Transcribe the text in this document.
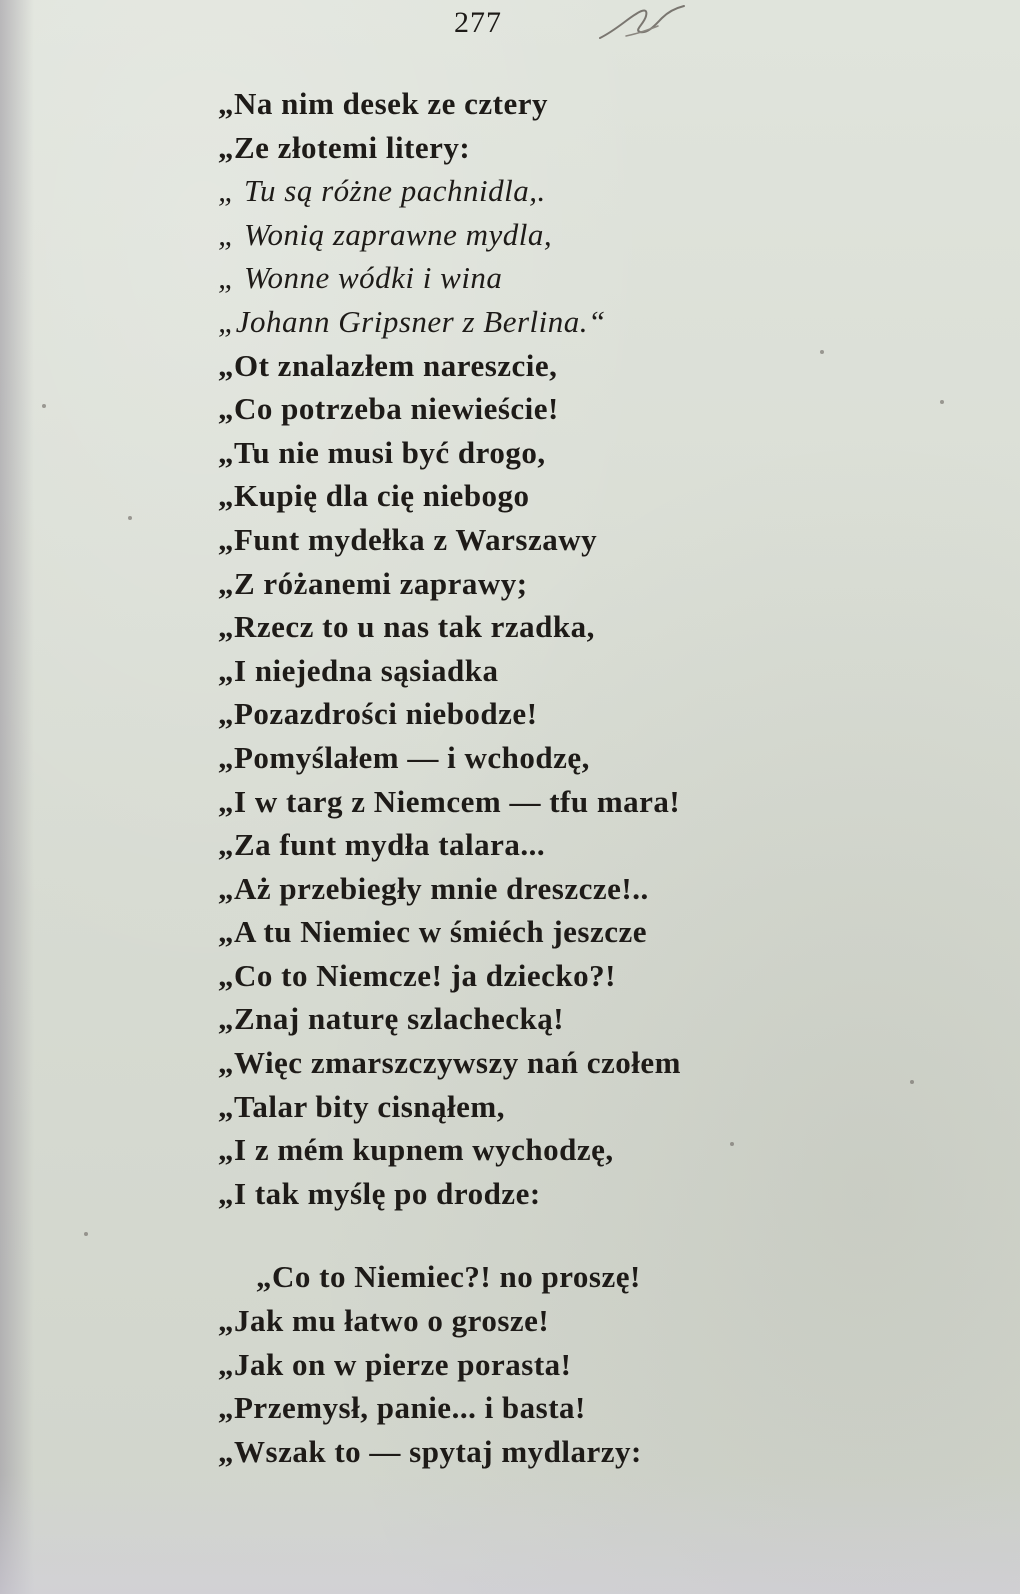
277
„Na nim desek ze cztery
„Ze złotemi litery:
„ Tu są różne pachnidla,.
„ Wonią zaprawne mydla,
„ Wonne wódki i wina
„Johann Gripsner z Berlina.“
„Ot znalazłem nareszcie,
„Co potrzeba niewieście!
„Tu nie musi być drogo,
„Kupię dla cię niebogo
„Funt mydełka z Warszawy
„Z różanemi zaprawy;
„Rzecz to u nas tak rzadka,
„I niejedna sąsiadka
„Pozazdrości niebodze!
„Pomyślałem — i wchodzę,
„I w targ z Niemcem — tfu mara!
„Za funt mydła talara...
„Aż przebiegły mnie dreszcze!..
„A tu Niemiec w śmiéch jeszcze
„Co to Niemcze! ja dziecko?!
„Znaj naturę szlachecką!
„Więc zmarszczywszy nań czołem
„Talar bity cisnąłem,
„I z mém kupnem wychodzę,
„I tak myślę po drodze:
„Co to Niemiec?! no proszę!
„Jak mu łatwo o grosze!
„Jak on w pierze porasta!
„Przemysł, panie... i basta!
„Wszak to — spytaj mydlarzy:
